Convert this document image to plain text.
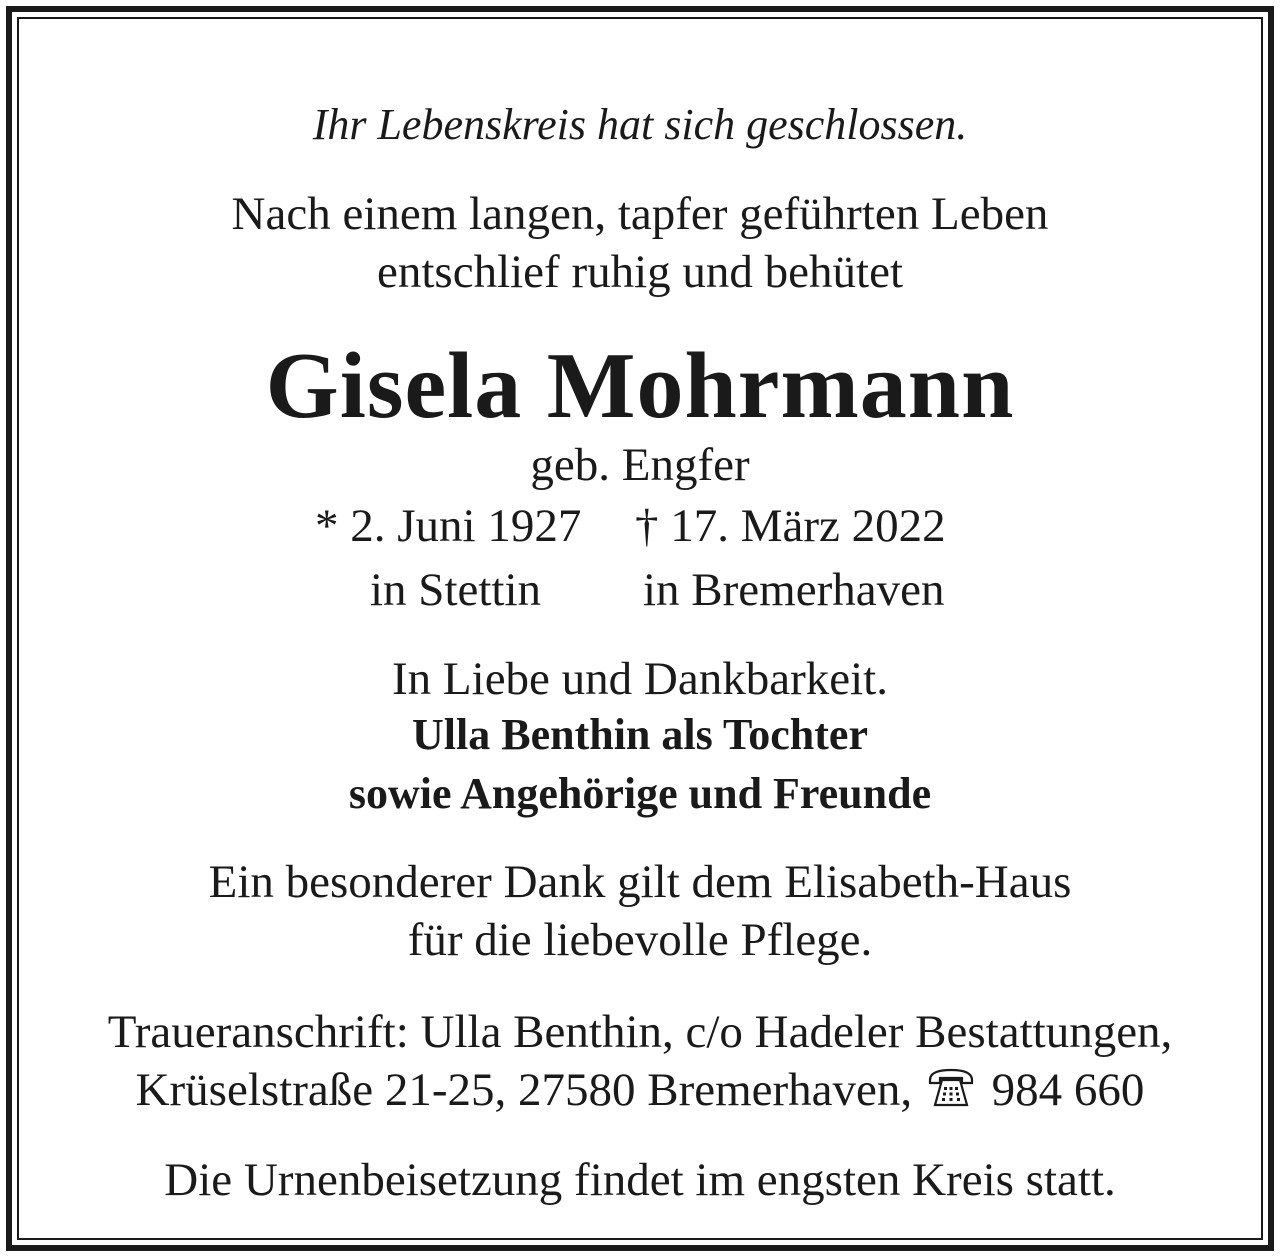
Ihr Lebenskreis hat sich geschlossen.
Nach einem langen, tapfer geführten Leben
entschlief ruhig und behütet
Gisela Mohrmann
geb. Engfer
* 2. Juni 1927 † 17. März 2022
in Stettin in Bremerhaven
In Liebe und Dankbarkeit.
Ulla Benthin als Tochter
sowie Angehörige und Freunde
Ein besonderer Dank gilt dem Elisabeth-Haus
für die liebevolle Pflege.
Traueranschrift: Ulla Benthin, c/o Hadeler Bestattungen,
Krüselstraße 21-25, 27580 Bremerhaven, 984 660
Die Urnenbeisetzung findet im engsten Kreis statt.
